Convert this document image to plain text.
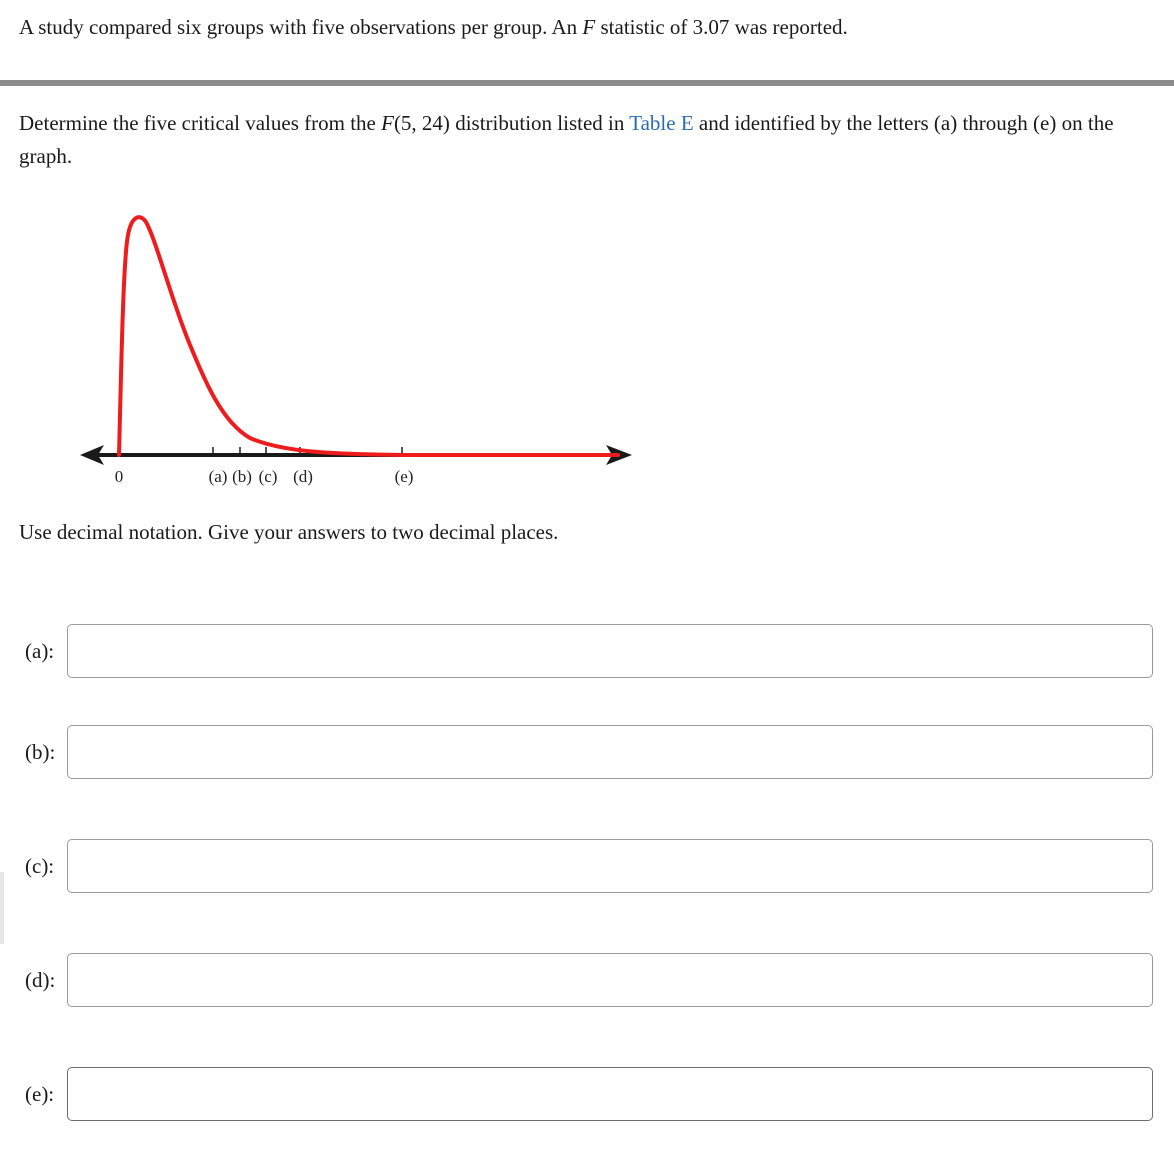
A study compared six groups with five observations per group. An F statistic of 3.07 was reported.

Determine the five critical values from the F(5, 24) distribution listed in Table E and identified by the letters (a) through (e) on the graph.

0	(a) (b) (c) (d)	(e)

Use decimal notation. Give your answers to two decimal places.

(a):
(b):
(c):
(d):
(e):
